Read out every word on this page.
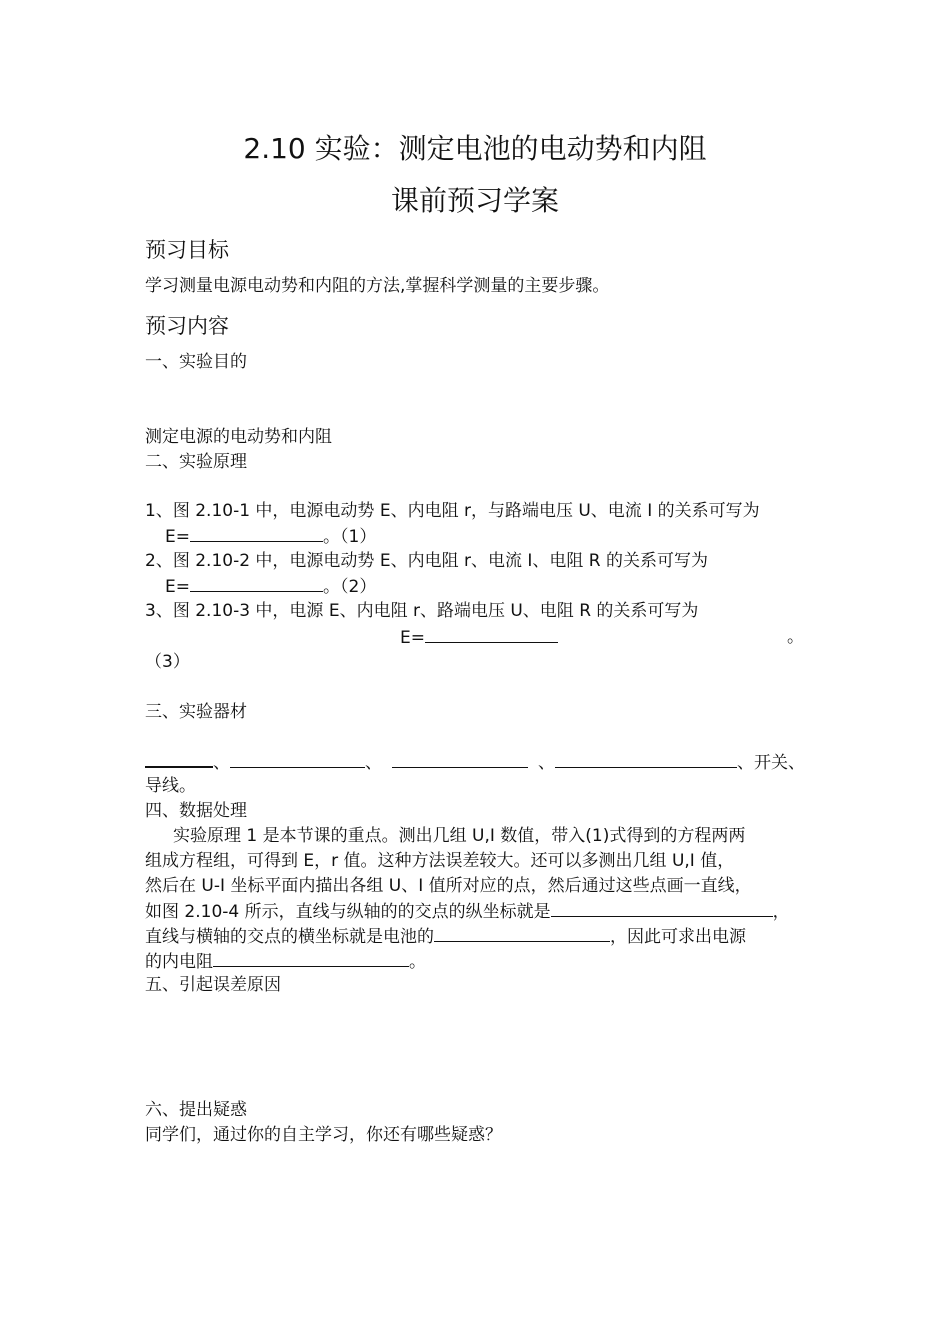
2.10 实验：测定电池的电动势和内阻
课前预习学案
预习目标
学习测量电源电动势和内阻的方法,掌握科学测量的主要步骤。
预习内容
一、实验目的
测定电源的电动势和内阻
二、实验原理
1、图 2.10-1 中，电源电动势 E、内电阻 r，与路端电压 U、电流 I 的关系可写为
E=	。（1）
2、图 2.10-2 中，电源电动势 E、内电阻 r、电流 I、电阻 R 的关系可写为
E=	。（2）
3、图 2.10-3 中，电源 E、内电阻 r、路端电压 U、电阻 R 的关系可写为
E=	。
（3）
三、实验器材
、	、	、	、开关、
导线。
四、数据处理
实验原理 1 是本节课的重点。测出几组 U,I 数值，带入(1)式得到的方程两两
组成方程组，可得到 E，r 值。这种方法误差较大。还可以多测出几组 U,I 值，
然后在 U-I 坐标平面内描出各组 U、I 值所对应的点，然后通过这些点画一直线，
如图 2.10-4 所示，直线与纵轴的的交点的纵坐标就是	，
直线与横轴的交点的横坐标就是电池的	，因此可求出电源
的内电阻	。
五、引起误差原因
六、提出疑惑
同学们，通过你的自主学习，你还有哪些疑惑？
